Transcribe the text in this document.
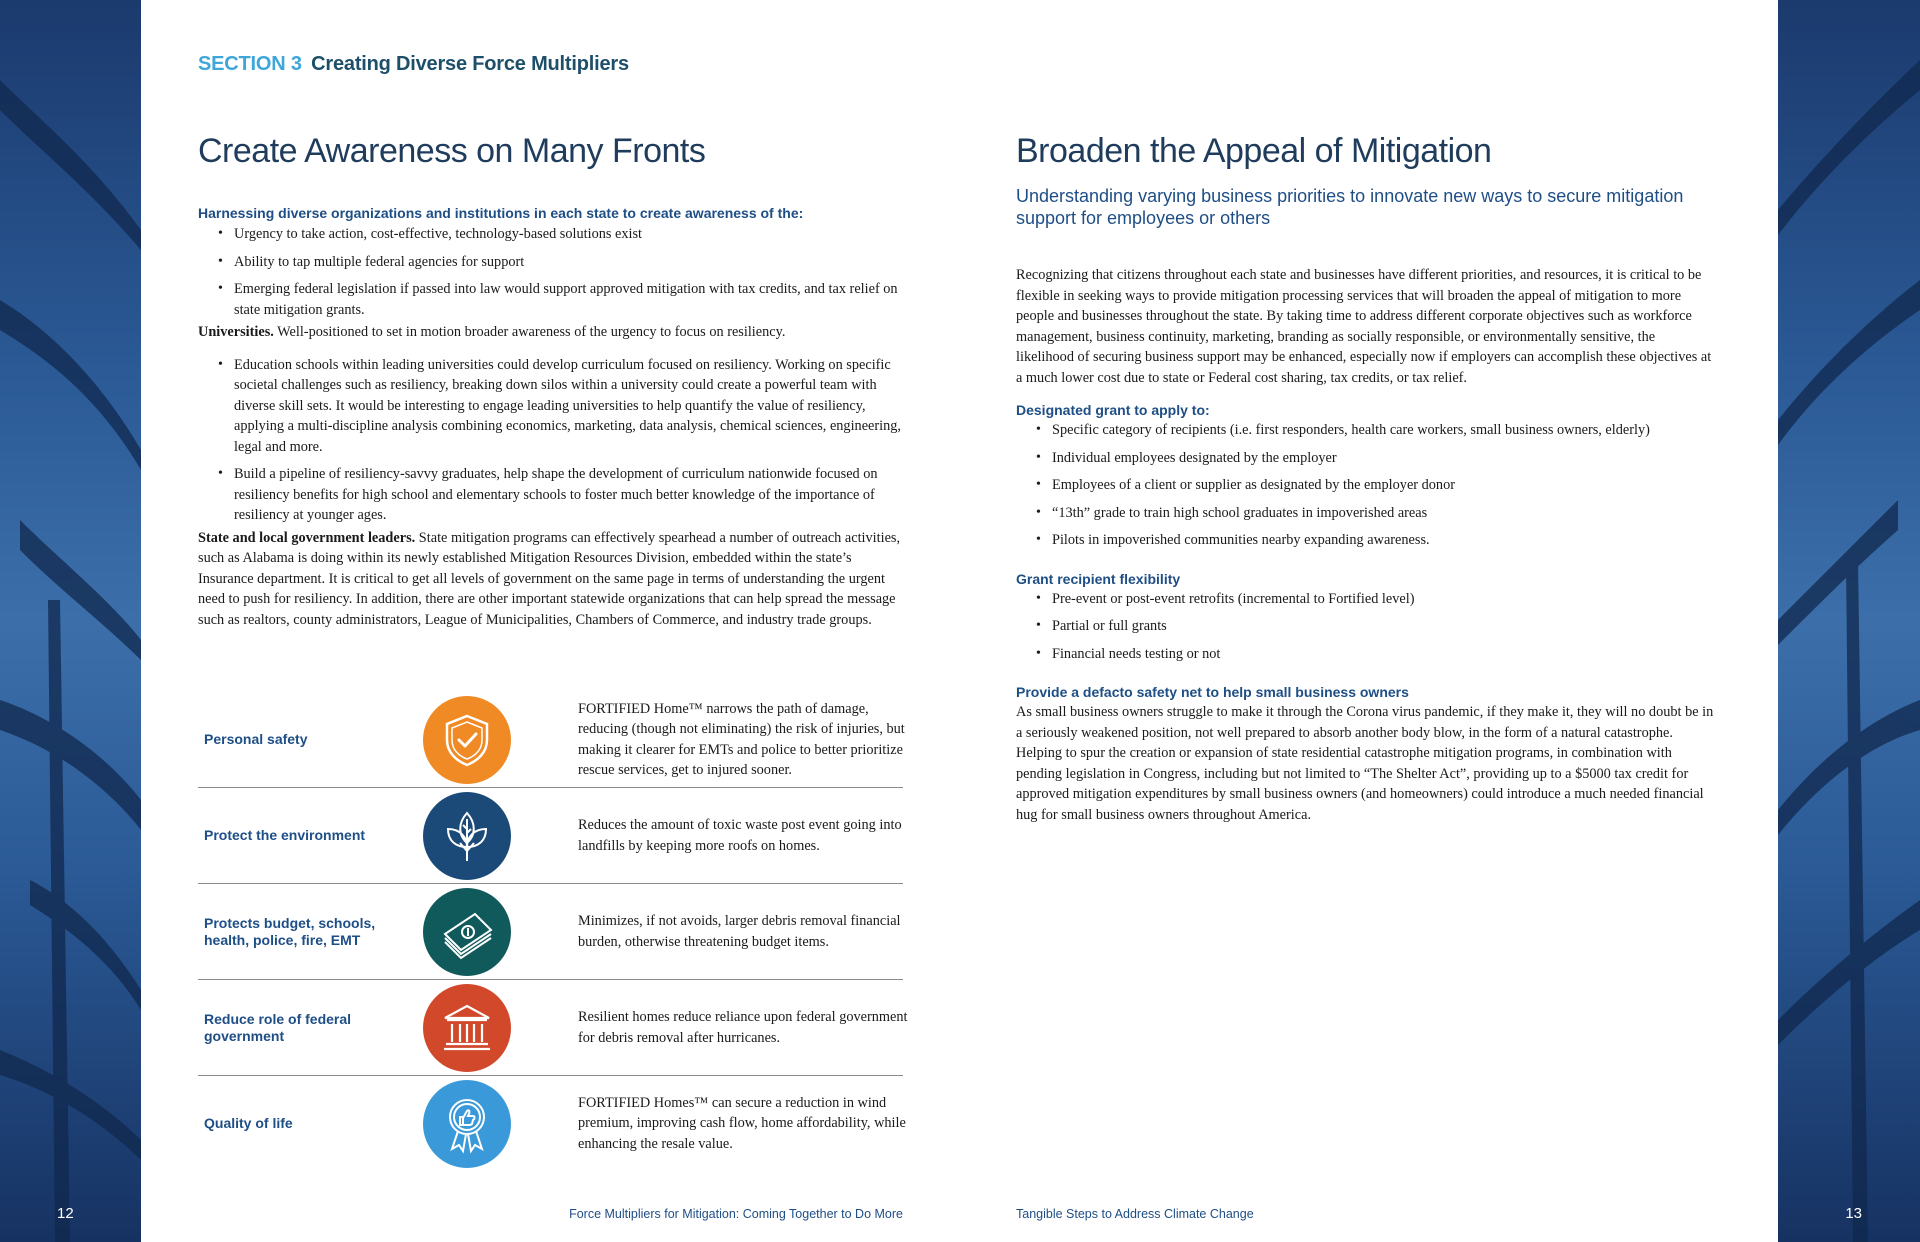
12	13
SECTION 3 Creating Diverse Force Multipliers
Create Awareness on Many Fronts

Harnessing diverse organizations and institutions in each state to create awareness of the:

• Urgency to take action, cost-effective, technology-based solutions exist
• Ability to tap multiple federal agencies for support
• Emerging federal legislation if passed into law would support approved mitigation with tax credits, and tax relief on state mitigation grants.

Universities. Well-positioned to set in motion broader awareness of the urgency to focus on resiliency.

• Education schools within leading universities could develop curriculum focused on resiliency. Working on specific societal challenges such as resiliency, breaking down silos within a university could create a powerful team with diverse skill sets. It would be interesting to engage leading universities to help quantify the value of resiliency, applying a multi-discipline analysis combining economics, marketing, data analysis, chemical sciences, engineering, legal and more.
• Build a pipeline of resiliency-savvy graduates, help shape the development of curriculum nationwide focused on resiliency benefits for high school and elementary schools to foster much better knowledge of the importance of resiliency at younger ages.

State and local government leaders. State mitigation programs can effectively spearhead a number of outreach activities, such as Alabama is doing within its newly established Mitigation Resources Division, embedded within the state’s Insurance department. It is critical to get all levels of government on the same page in terms of understanding the urgent need to push for resiliency. In addition, there are other important statewide organizations that can help spread the message such as realtors, county administrators, League of Municipalities, Chambers of Commerce, and industry trade groups.

Personal safety
FORTIFIED Home™ narrows the path of damage, reducing (though not eliminating) the risk of injuries, but making it clearer for EMTs and police to better prioritize rescue services, get to injured sooner.
Protect the environment
Reduces the amount of toxic waste post event going into landfills by keeping more roofs on homes.
Protects budget, schools, health, police, fire, EMT
Minimizes, if not avoids, larger debris removal financial burden, otherwise threatening budget items.
Reduce role of federal government
Resilient homes reduce reliance upon federal government for debris removal after hurricanes.
Quality of life
FORTIFIED Homes™ can secure a reduction in wind premium, improving cash flow, home affordability, while enhancing the resale value.
Force Multipliers for Mitigation: Coming Together to Do More
Broaden the Appeal of Mitigation
Understanding varying business priorities to innovate new ways to secure mitigation support for employees or others

Recognizing that citizens throughout each state and businesses have different priorities, and resources, it is critical to be flexible in seeking ways to provide mitigation processing services that will broaden the appeal of mitigation to more people and businesses throughout the state. By taking time to address different corporate objectives such as workforce management, business continuity, marketing, branding as socially responsible, or environmentally sensitive, the likelihood of securing business support may be enhanced, especially now if employers can accomplish these objectives at a much lower cost due to state or Federal cost sharing, tax credits, or tax relief.

Designated grant to apply to:

• Specific category of recipients (i.e. first responders, health care workers, small business owners, elderly)
• Individual employees designated by the employer
• Employees of a client or supplier as designated by the employer donor
• “13th” grade to train high school graduates in impoverished areas
• Pilots in impoverished communities nearby expanding awareness.

Grant recipient flexibility

• Pre-event or post-event retrofits (incremental to Fortified level)
• Partial or full grants
• Financial needs testing or not

Provide a defacto safety net to help small business owners

As small business owners struggle to make it through the Corona virus pandemic, if they make it, they will no doubt be in a seriously weakened position, not well prepared to absorb another body blow, in the form of a natural catastrophe. Helping to spur the creation or expansion of state residential catastrophe mitigation programs, in combination with pending legislation in Congress, including but not limited to “The Shelter Act”, providing up to a $5000 tax credit for approved mitigation expenditures by small business owners (and homeowners) could introduce a much needed financial hug for small business owners throughout America.

Tangible Steps to Address Climate Change
